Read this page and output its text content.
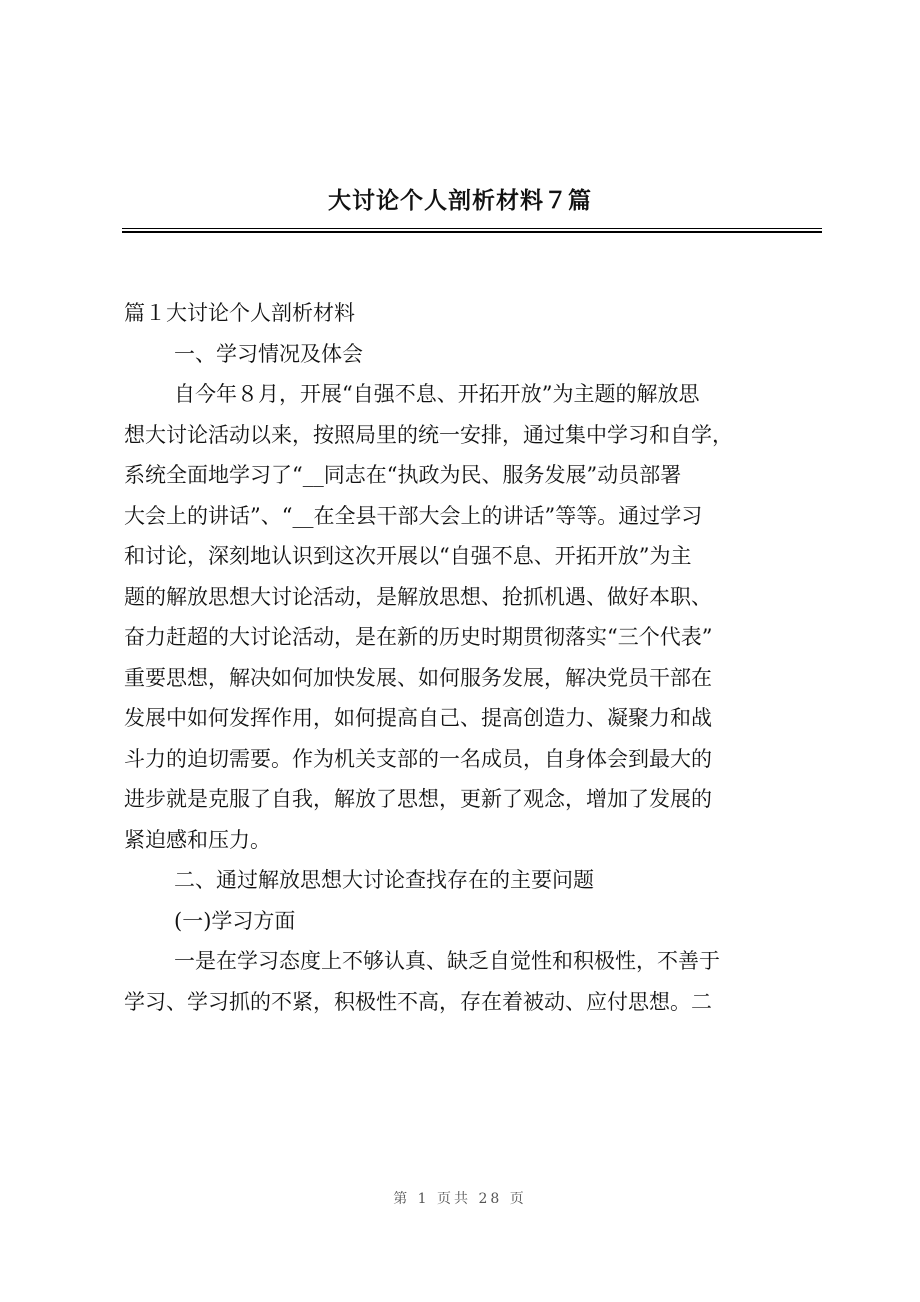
大讨论个人剖析材料７篇

篇１大讨论个人剖析材料

一、学习情况及体会

自今年８月，开展“自强不息、开拓开放”为主题的解放思

想大讨论活动以来，按照局里的统一安排，通过集中学习和自学，

系统全面地学习了“__同志在“执政为民、服务发展”动员部署

大会上的讲话”、“__在全县干部大会上的讲话”等等。通过学习

和讨论，深刻地认识到这次开展以“自强不息、开拓开放”为主

题的解放思想大讨论活动，是解放思想、抢抓机遇、做好本职、

奋力赶超的大讨论活动，是在新的历史时期贯彻落实“三个代表”

重要思想，解决如何加快发展、如何服务发展，解决党员干部在

发展中如何发挥作用，如何提高自己、提高创造力、凝聚力和战

斗力的迫切需要。作为机关支部的一名成员，自身体会到最大的

进步就是克服了自我，解放了思想，更新了观念，增加了发展的

紧迫感和压力。

二、通过解放思想大讨论查找存在的主要问题

(一)学习方面

一是在学习态度上不够认真、缺乏自觉性和积极性，不善于

学习、学习抓的不紧，积极性不高，存在着被动、应付思想。二

第 1 页共 28 页
